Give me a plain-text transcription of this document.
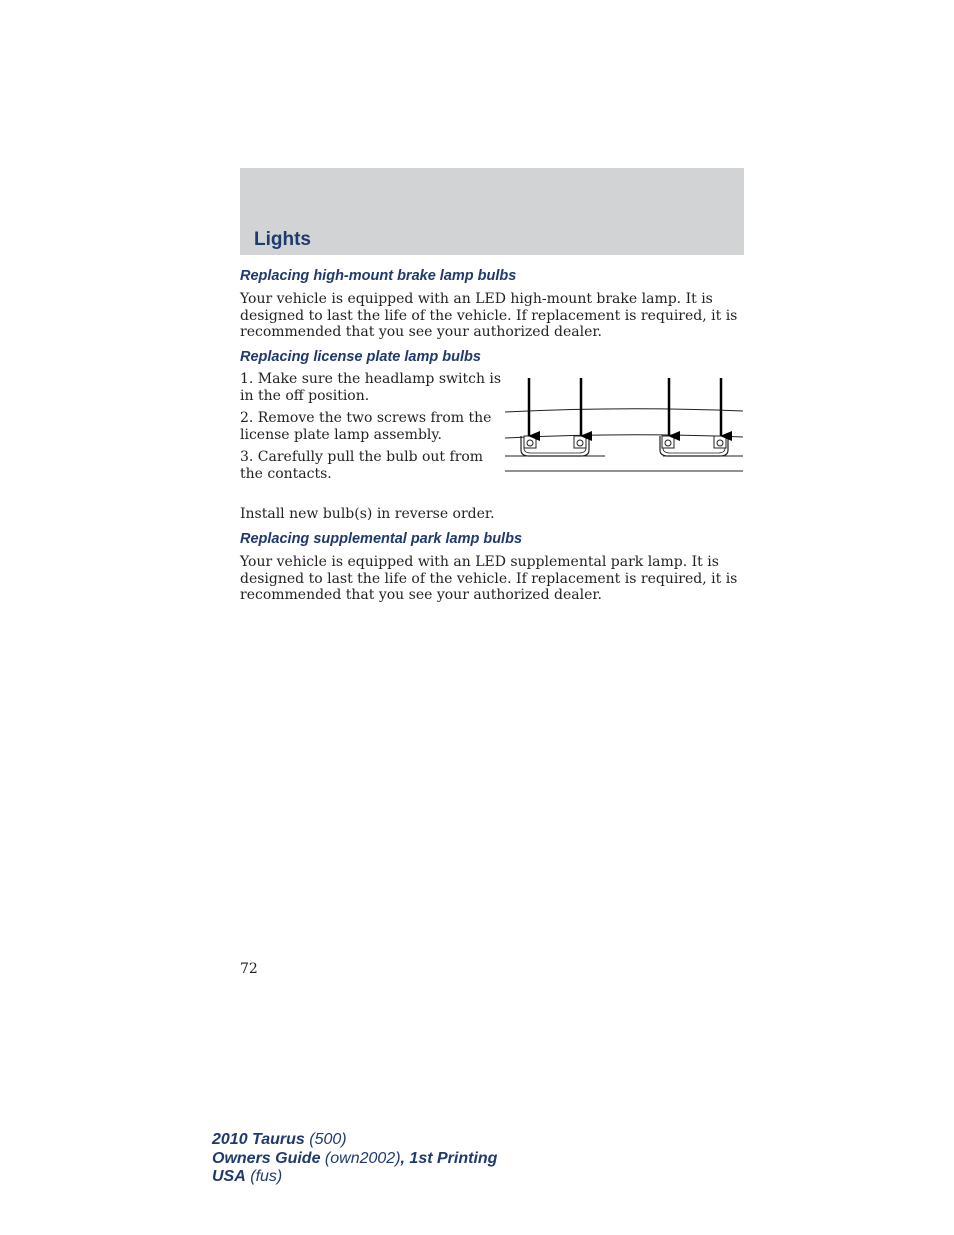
Lights
Replacing high-mount brake lamp bulbs
Your vehicle is equipped with an LED high-mount brake lamp. It is
designed to last the life of the vehicle. If replacement is required, it is
recommended that you see your authorized dealer.
Replacing license plate lamp bulbs
1. Make sure the headlamp switch is
in the off position.
2. Remove the two screws from the
license plate lamp assembly.
3. Carefully pull the bulb out from
the contacts.
Install new bulb(s) in reverse order.
Replacing supplemental park lamp bulbs
Your vehicle is equipped with an LED supplemental park lamp. It is
designed to last the life of the vehicle. If replacement is required, it is
recommended that you see your authorized dealer.
72
2010 Taurus (500)
Owners Guide (own2002), 1st Printing
USA (fus)
